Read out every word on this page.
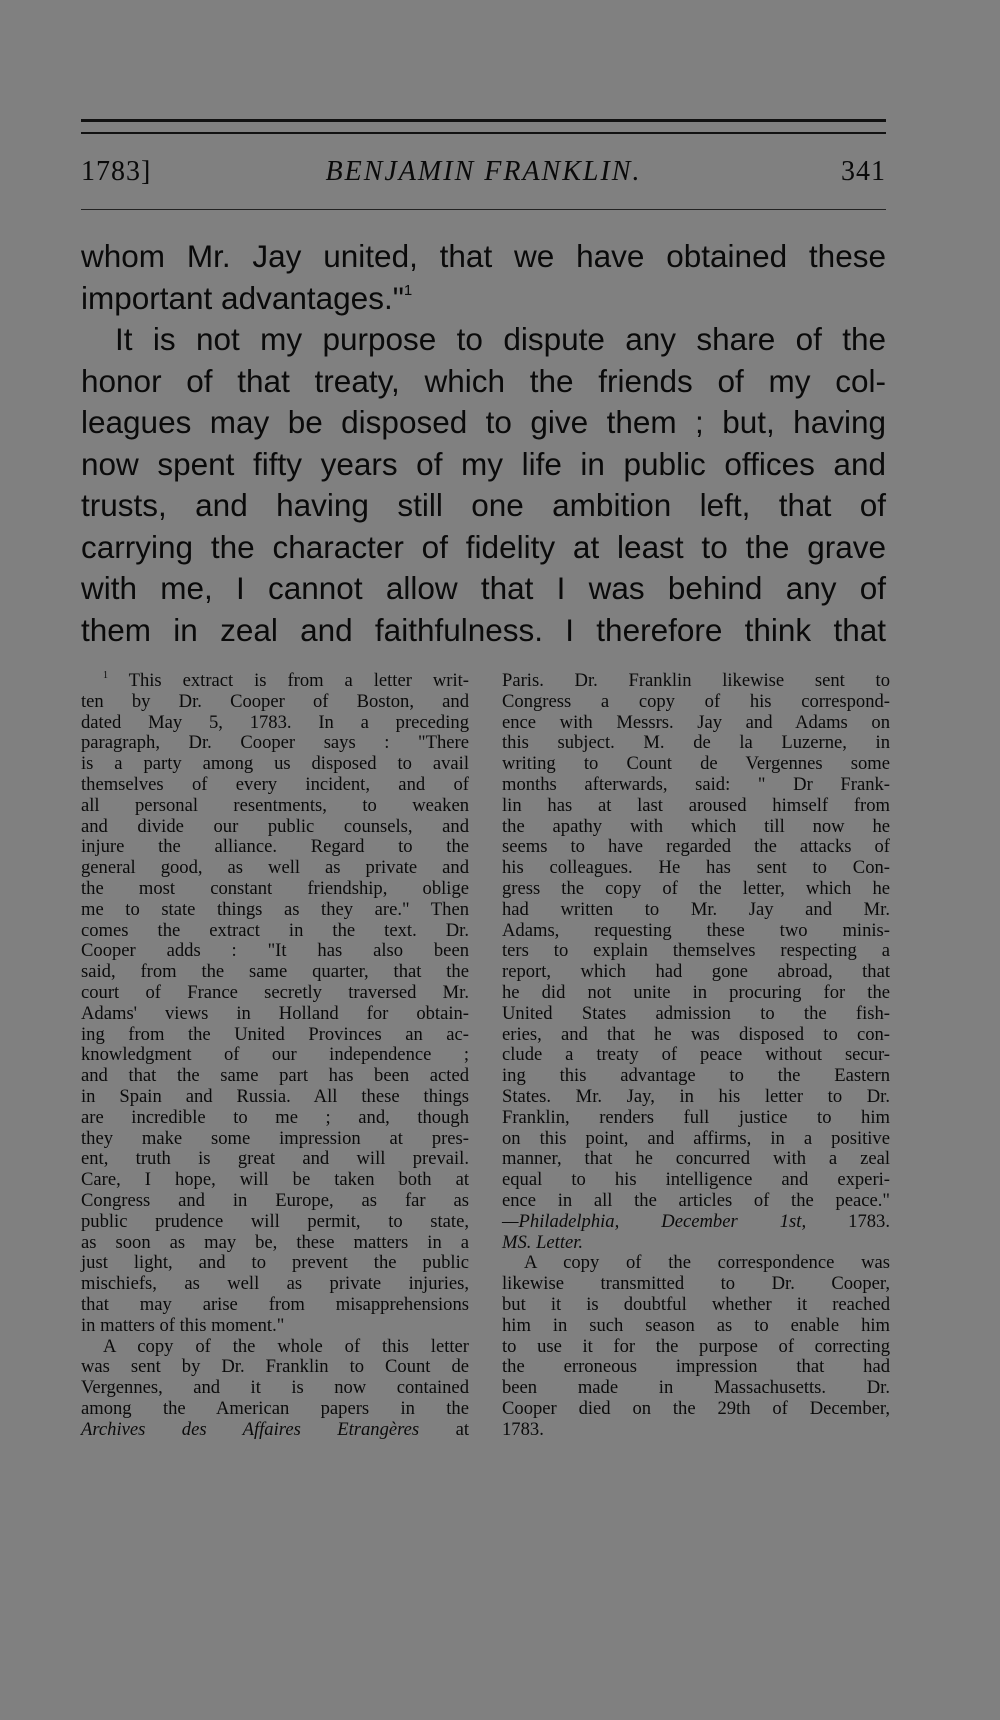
1783]	BENJAMIN FRANKLIN.	341
whom Mr. Jay united, that we have obtained these
important advantages."$^1$
It is not my purpose to dispute any share of the
honor of that treaty, which the friends of my col-
leagues may be disposed to give them ; but, having
now spent fifty years of my life in public offices and
trusts, and having still one ambition left, that of
carrying the character of fidelity at least to the grave
with me, I cannot allow that I was behind any of
them in zeal and faithfulness. I therefore think that
$^1$ This extract is from a letter writ-
ten by Dr. Cooper of Boston, and
dated May 5, 1783. In a preceding
paragraph, Dr. Cooper says : "There
is a party among us disposed to avail
themselves of every incident, and of
all personal resentments, to weaken
and divide our public counsels, and
injure the alliance. Regard to the
general good, as well as private and
the most constant friendship, oblige
me to state things as they are." Then
comes the extract in the text. Dr.
Cooper adds : "It has also been
said, from the same quarter, that the
court of France secretly traversed Mr.
Adams' views in Holland for obtain-
ing from the United Provinces an ac-
knowledgment of our independence ;
and that the same part has been acted
in Spain and Russia. All these things
are incredible to me ; and, though
they make some impression at pres-
ent, truth is great and will prevail.
Care, I hope, will be taken both at
Congress and in Europe, as far as
public prudence will permit, to state,
as soon as may be, these matters in a
just light, and to prevent the public
mischiefs, as well as private injuries,
that may arise from misapprehensions
in matters of this moment."
A copy of the whole of this letter
was sent by Dr. Franklin to Count de
Vergennes, and it is now contained
among the American papers in the
Archives des Affaires Etrangères at
Paris. Dr. Franklin likewise sent to
Congress a copy of his correspond-
ence with Messrs. Jay and Adams on
this subject. M. de la Luzerne, in
writing to Count de Vergennes some
months afterwards, said: " Dr Frank-
lin has at last aroused himself from
the apathy with which till now he
seems to have regarded the attacks of
his colleagues. He has sent to Con-
gress the copy of the letter, which he
had written to Mr. Jay and Mr.
Adams, requesting these two minis-
ters to explain themselves respecting a
report, which had gone abroad, that
he did not unite in procuring for the
United States admission to the fish-
eries, and that he was disposed to con-
clude a treaty of peace without secur-
ing this advantage to the Eastern
States. Mr. Jay, in his letter to Dr.
Franklin, renders full justice to him
on this point, and affirms, in a positive
manner, that he concurred with a zeal
equal to his intelligence and experi-
ence in all the articles of the peace."
—Philadelphia, December 1st, 1783.
MS. Letter.
A copy of the correspondence was
likewise transmitted to Dr. Cooper,
but it is doubtful whether it reached
him in such season as to enable him
to use it for the purpose of correcting
the erroneous impression that had
been made in Massachusetts. Dr.
Cooper died on the 29th of December,
1783.
